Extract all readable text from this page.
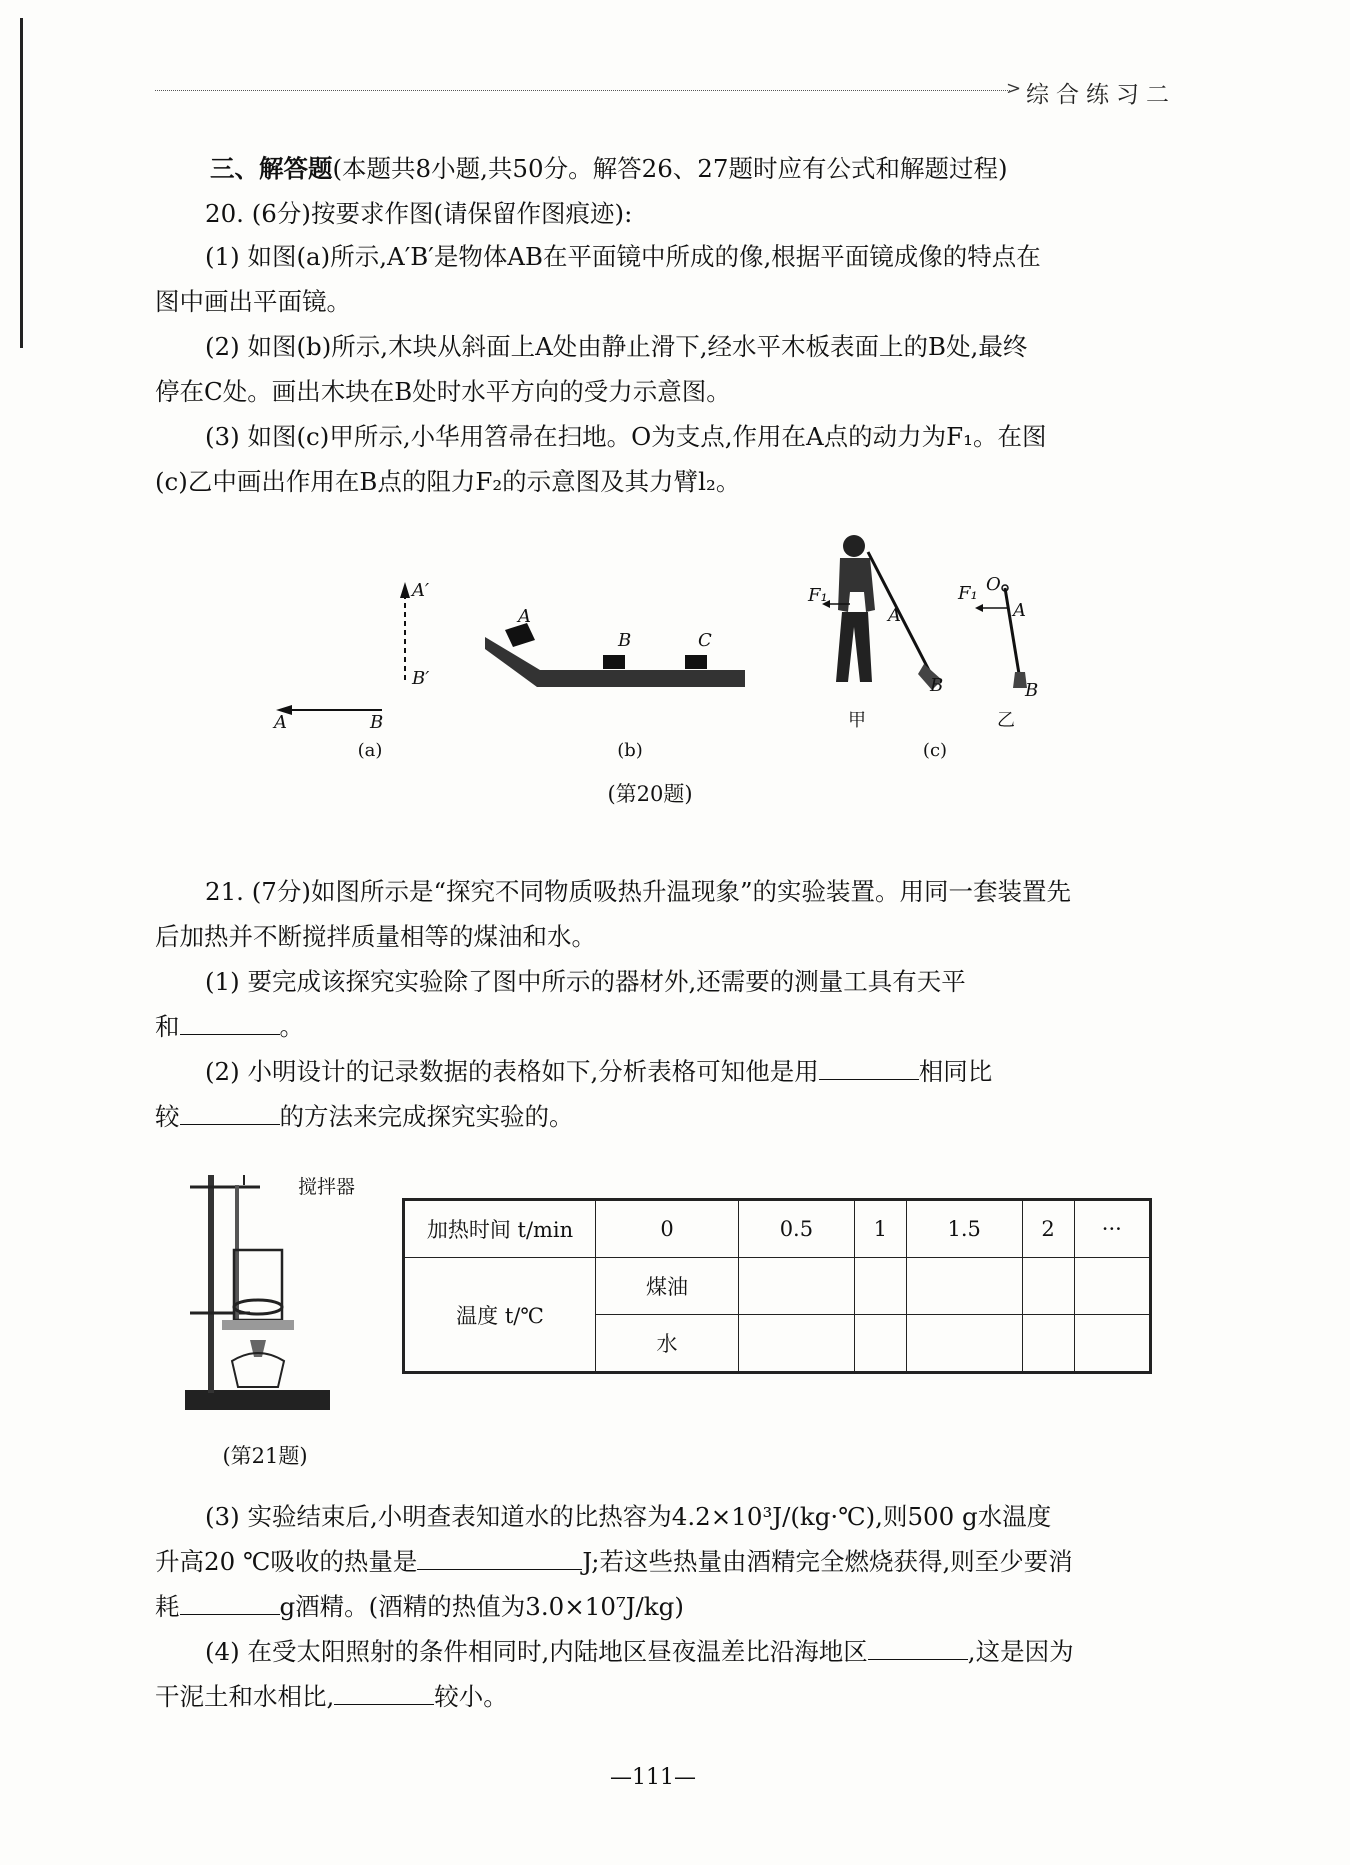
> 综合练习二
三、解答题(本题共8小题,共50分。解答26、27题时应有公式和解题过程)
20. (6分)按要求作图(请保留作图痕迹):
(1) 如图(a)所示,A′B′是物体AB在平面镜中所成的像,根据平面镜成像的特点在
图中画出平面镜。
(2) 如图(b)所示,木块从斜面上A处由静止滑下,经水平木板表面上的B处,最终
停在C处。画出木块在B处时水平方向的受力示意图。
(3) 如图(c)甲所示,小华用笤帚在扫地。O为支点,作用在A点的动力为F₁。在图
(c)乙中画出作用在B点的阻力F₂的示意图及其力臂l₂。
A′
B′
A	B
(a)
A
B	C
(b)
F₁
A
B
甲
F₁ O
A
B
乙
(c)
(第20题)
21. (7分)如图所示是“探究不同物质吸热升温现象”的实验装置。用同一套装置先
后加热并不断搅拌质量相等的煤油和水。
(1) 要完成该探究实验除了图中所示的器材外,还需要的测量工具有天平
和	。
(2) 小明设计的记录数据的表格如下,分析表格可知他是用	相同比
较	的方法来完成探究实验的。
搅拌器
(第21题)
加热时间 t/min	0	0.5	1	1.5	2	···
温度 t/℃	煤油					
	水					
(3) 实验结束后,小明查表知道水的比热容为4.2×10³J/(kg·℃),则500 g水温度
升高20 ℃吸收的热量是	J;若这些热量由酒精完全燃烧获得,则至少要消
耗	g酒精。(酒精的热值为3.0×10⁷J/kg)
(4) 在受太阳照射的条件相同时,内陆地区昼夜温差比沿海地区	,这是因为
干泥土和水相比,	较小。
—111—
